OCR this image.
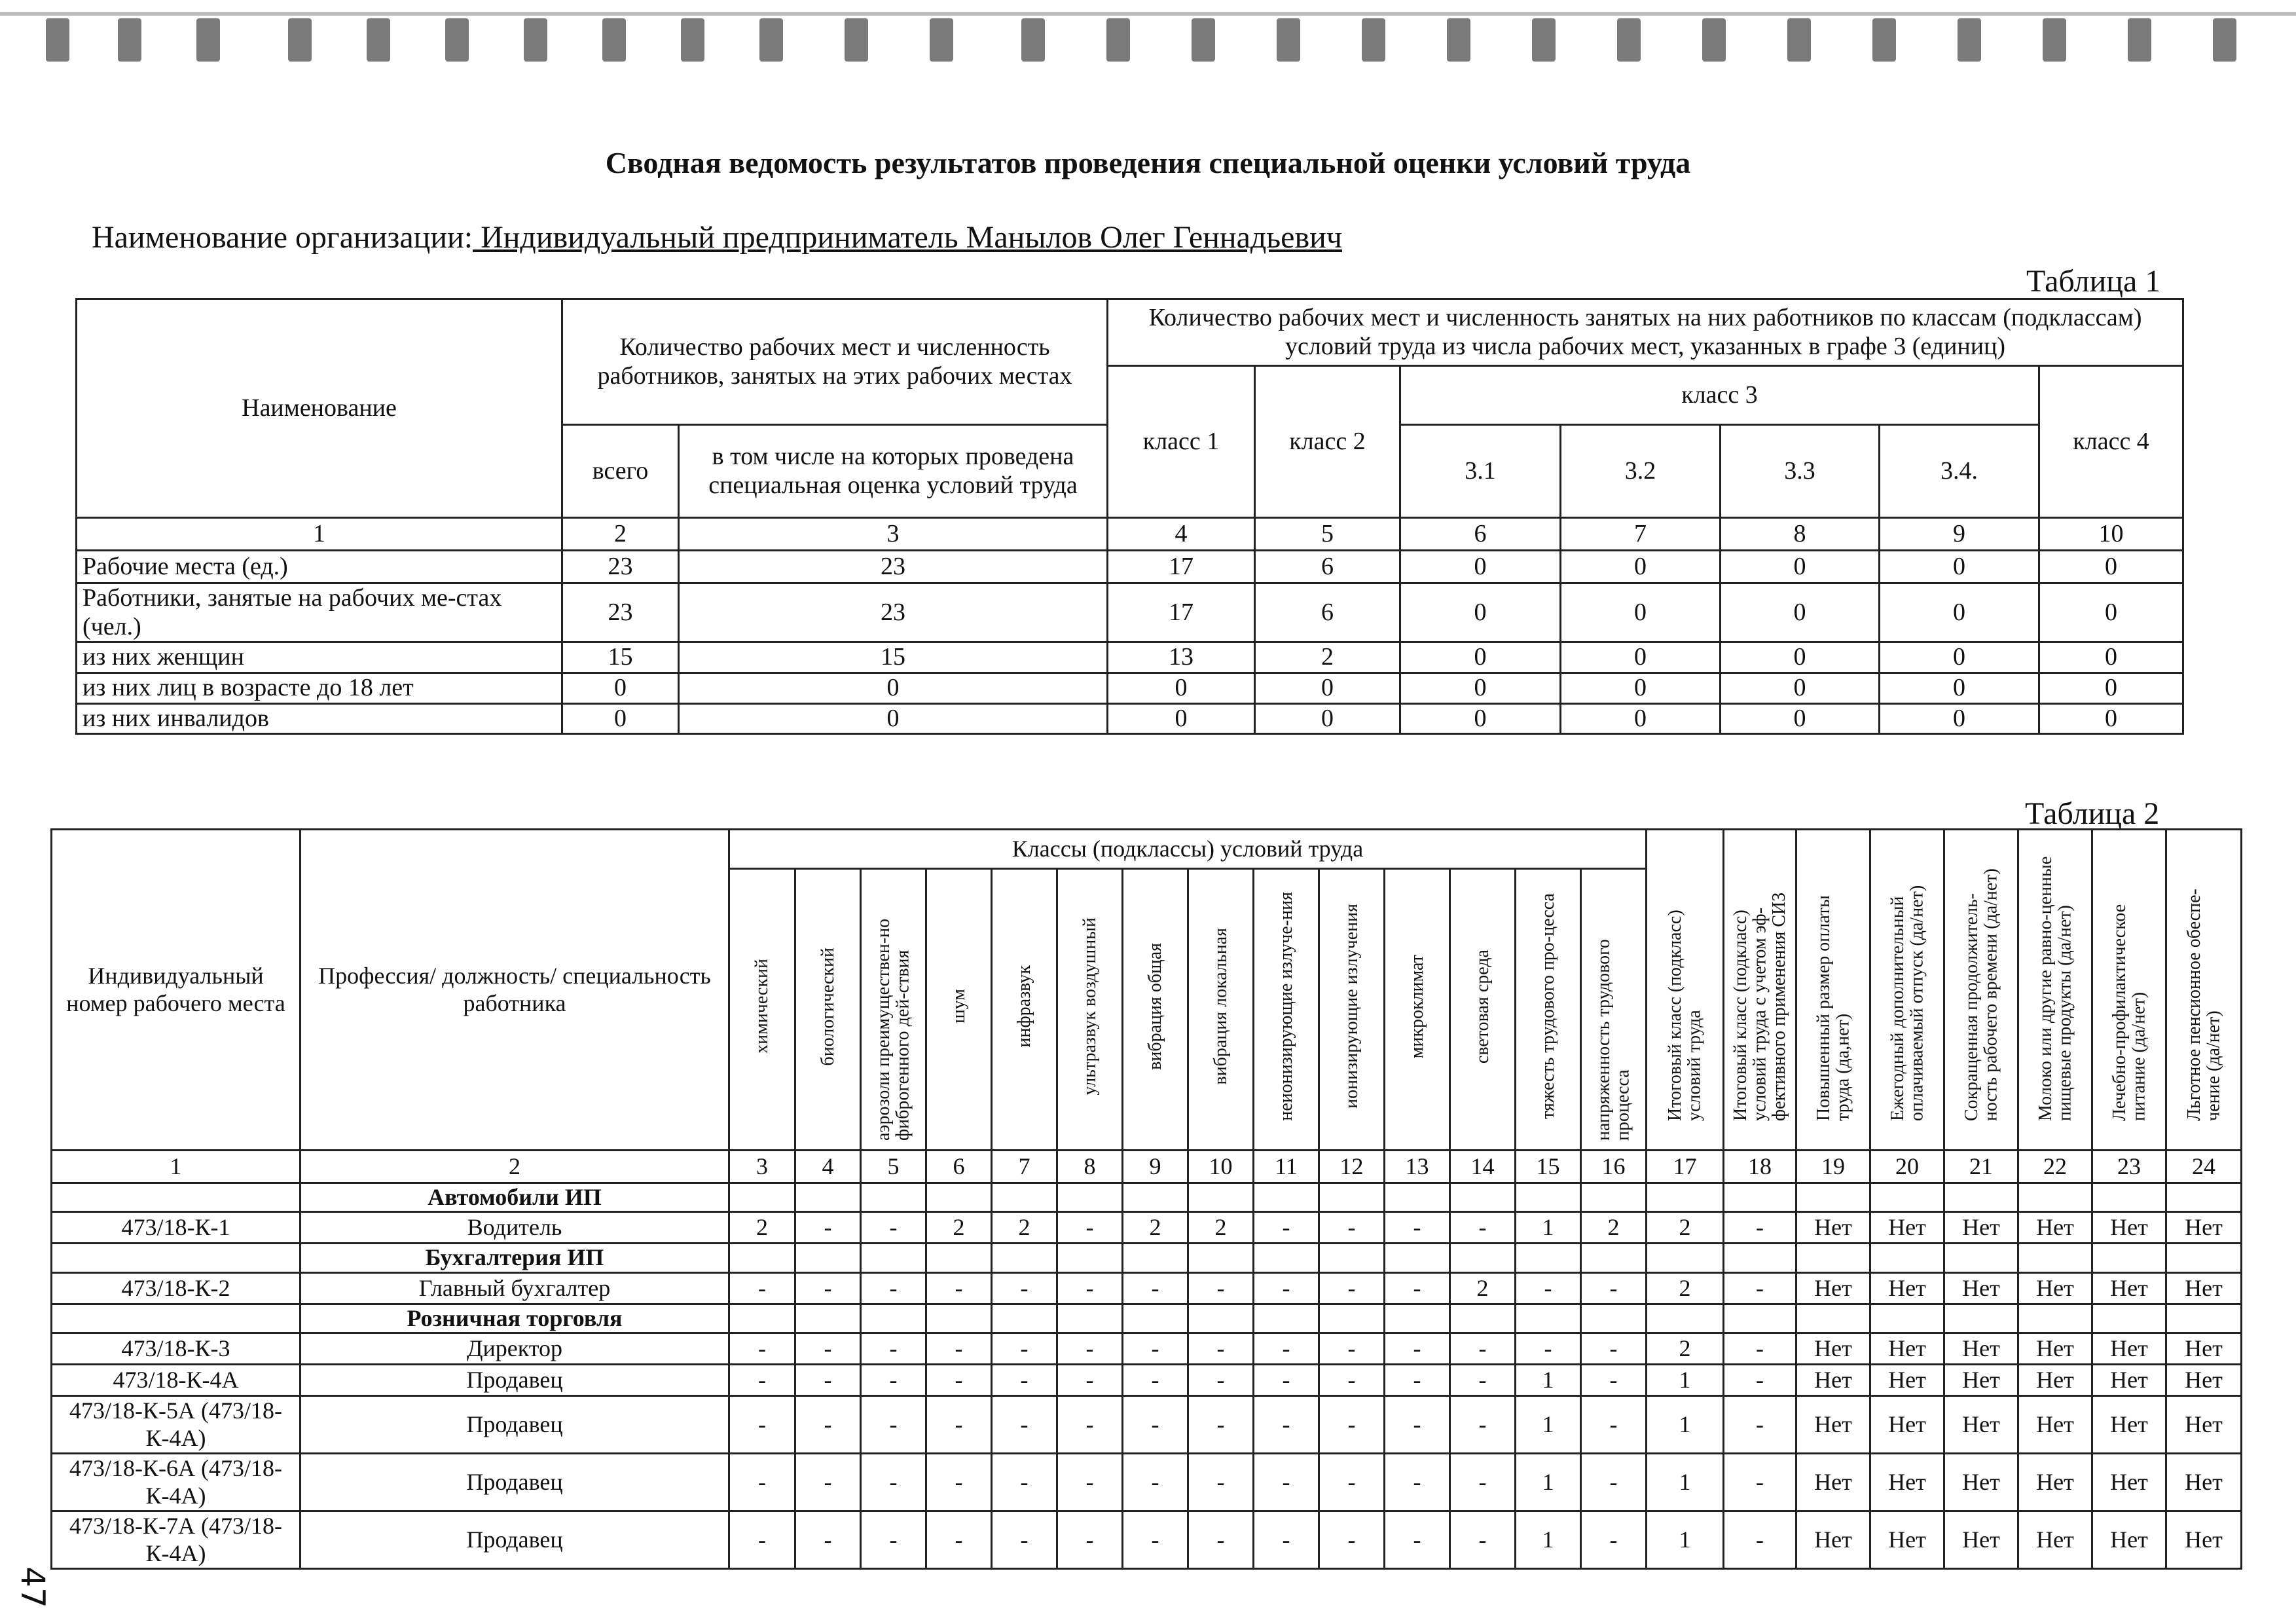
Сводная ведомость результатов проведения специальной оценки условий труда
Наименование организации: Индивидуальный предприниматель Манылов Олег Геннадьевич
Таблица 1
Наименование	Количество рабочих мест и численность работников, занятых на этих рабочих местах		Количество рабочих мест и численность занятых на них работников по классам (подклассам) условий труда из числа рабочих мест, указанных в графе 3 (единиц)						
			класс 1	класс 2	класс 3				класс 4
	всего	в том числе на которых проведена специальная оценка условий труда			3.1	3.2	3.3	3.4.	
1	2	3	4	5	6	7	8	9	10
Рабочие места (ед.)	23	23	17	6	0	0	0	0	0
Работники, занятые на рабочих ме-стах (чел.)	23	23	17	6	0	0	0	0	0
из них женщин	15	15	13	2	0	0	0	0	0
из них лиц в возрасте до 18 лет	0	0	0	0	0	0	0	0	0
из них инвалидов	0	0	0	0	0	0	0	0	0
Таблица 2
Индивидуальный номер рабочего места	Профессия/ должность/ специальность работника	Классы (подклассы) условий труда														Итоговый класс (подкласс) условий труда	Итоговый класс (подкласс) условий труда с учетом эф-фективного применения СИЗ	Повышенный размер оплаты труда (да,нет)	Ежегодный дополнительный оплачиваемый отпуск (да/нет)	Сокращенная продолжитель-ность рабочего времени (да/нет)	Молоко или другие равно-ценные пищевые продукты (да/нет)	Лечебно-профилактическое питание (да/нет)	Льготное пенсионное обеспе-чение (да/нет)
		химический	биологический	аэрозоли преимуществен-но фиброгенного дей-ствия	шум	инфразвук	ультразвук воздушный	вибрация общая	вибрация локальная	неионизирующие излуче-ния	ионизирующие излучения	микроклимат	световая среда	тяжесть трудового про-цесса	напряженность трудового процесса								
1	2	3	4	5	6	7	8	9	10	11	12	13	14	15	16	17	18	19	20	21	22	23	24
	Автомобили ИП																						
473/18-К-1	Водитель	2	-	-	2	2	-	2	2	-	-	-	-	1	2	2	-	Нет	Нет	Нет	Нет	Нет	Нет
	Бухгалтерия ИП																						
473/18-К-2	Главный бухгалтер	-	-	-	-	-	-	-	-	-	-	-	2	-	-	2	-	Нет	Нет	Нет	Нет	Нет	Нет
	Розничная торговля																						
473/18-К-3	Директор	-	-	-	-	-	-	-	-	-	-	-	-	-	-	2	-	Нет	Нет	Нет	Нет	Нет	Нет
473/18-К-4А	Продавец	-	-	-	-	-	-	-	-	-	-	-	-	1	-	1	-	Нет	Нет	Нет	Нет	Нет	Нет
473/18-К-5А (473/18-К-4А)	Продавец	-	-	-	-	-	-	-	-	-	-	-	-	1	-	1	-	Нет	Нет	Нет	Нет	Нет	Нет
473/18-К-6А (473/18-К-4А)	Продавец	-	-	-	-	-	-	-	-	-	-	-	-	1	-	1	-	Нет	Нет	Нет	Нет	Нет	Нет
473/18-К-7А (473/18-К-4А)	Продавец	-	-	-	-	-	-	-	-	-	-	-	-	1	-	1	-	Нет	Нет	Нет	Нет	Нет	Нет
47
